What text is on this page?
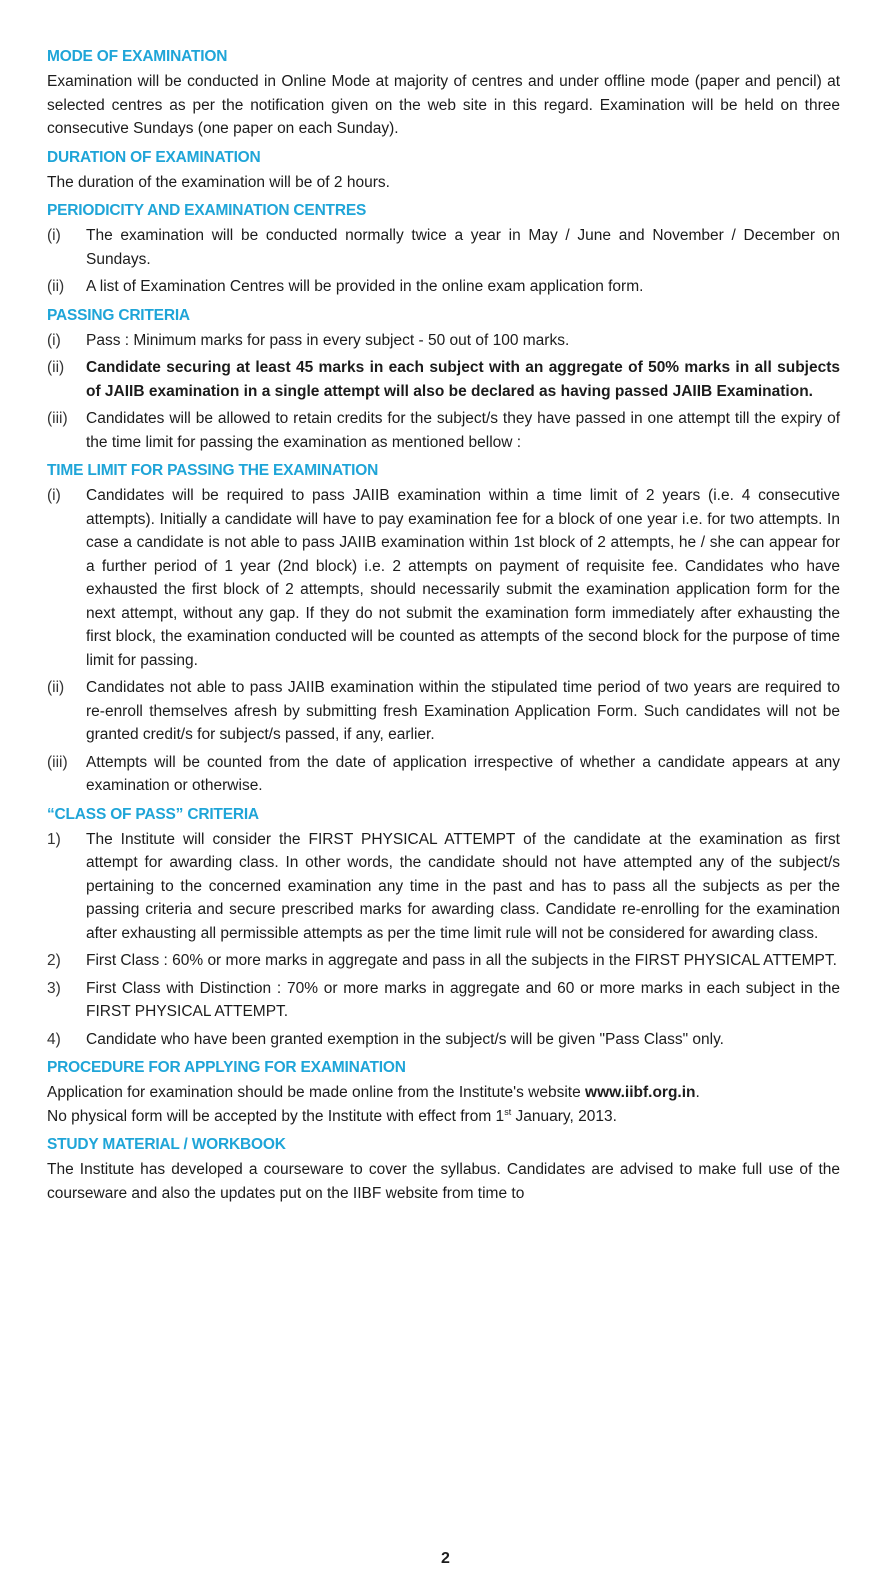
MODE OF EXAMINATION

Examination will be conducted in Online Mode at majority of centres and under offline mode (paper and pencil) at selected centres as per the notification given on the web site in this regard. Examination will be held on three consecutive Sundays (one paper on each Sunday).

DURATION OF EXAMINATION

The duration of the examination will be of 2 hours.

PERIODICITY AND EXAMINATION CENTRES
(i)	The examination will be conducted normally twice a year in May / June and November / December on Sundays.
(ii)	A list of Examination Centres will be provided in the online exam application form.
PASSING CRITERIA
(i)	Pass : Minimum marks for pass in every subject - 50 out of 100 marks.
(ii)	Candidate securing at least 45 marks in each subject with an aggregate of 50% marks in all subjects of JAIIB examination in a single attempt will also be declared as having passed JAIIB Examination.
(iii)	Candidates will be allowed to retain credits for the subject/s they have passed in one attempt till the expiry of the time limit for passing the examination as mentioned bellow :
TIME LIMIT FOR PASSING THE EXAMINATION
(i)	Candidates will be required to pass JAIIB examination within a time limit of 2 years (i.e. 4 consecutive attempts). Initially a candidate will have to pay examination fee for a block of one year i.e. for two attempts. In case a candidate is not able to pass JAIIB examination within 1st block of 2 attempts, he / she can appear for a further period of 1 year (2nd block) i.e. 2 attempts on payment of requisite fee. Candidates who have exhausted the first block of 2 attempts, should necessarily submit the examination application form for the next attempt, without any gap. If they do not submit the examination form immediately after exhausting the first block, the examination conducted will be counted as attempts of the second block for the purpose of time limit for passing.
(ii)	Candidates not able to pass JAIIB examination within the stipulated time period of two years are required to re-enroll themselves afresh by submitting fresh Examination Application Form. Such candidates will not be granted credit/s for subject/s passed, if any, earlier.
(iii)	Attempts will be counted from the date of application irrespective of whether a candidate appears at any examination or otherwise.
“CLASS OF PASS” CRITERIA
1)	The Institute will consider the FIRST PHYSICAL ATTEMPT of the candidate at the examination as first attempt for awarding class. In other words, the candidate should not have attempted any of the subject/s pertaining to the concerned examination any time in the past and has to pass all the subjects as per the passing criteria and secure prescribed marks for awarding class. Candidate re-enrolling for the examination after exhausting all permissible attempts as per the time limit rule will not be considered for awarding class.
2)	First Class : 60% or more marks in aggregate and pass in all the subjects in the FIRST PHYSICAL ATTEMPT.
3)	First Class with Distinction : 70% or more marks in aggregate and 60 or more marks in each subject in the FIRST PHYSICAL ATTEMPT.
4)	Candidate who have been granted exemption in the subject/s will be given "Pass Class" only.
PROCEDURE FOR APPLYING FOR EXAMINATION

Application for examination should be made online from the Institute's website www.iibf.org.in.
No physical form will be accepted by the Institute with effect from 1st January, 2013.

STUDY MATERIAL / WORKBOOK

The Institute has developed a courseware to cover the syllabus. Candidates are advised to make full use of the courseware and also the updates put on the IIBF website from time to

2
